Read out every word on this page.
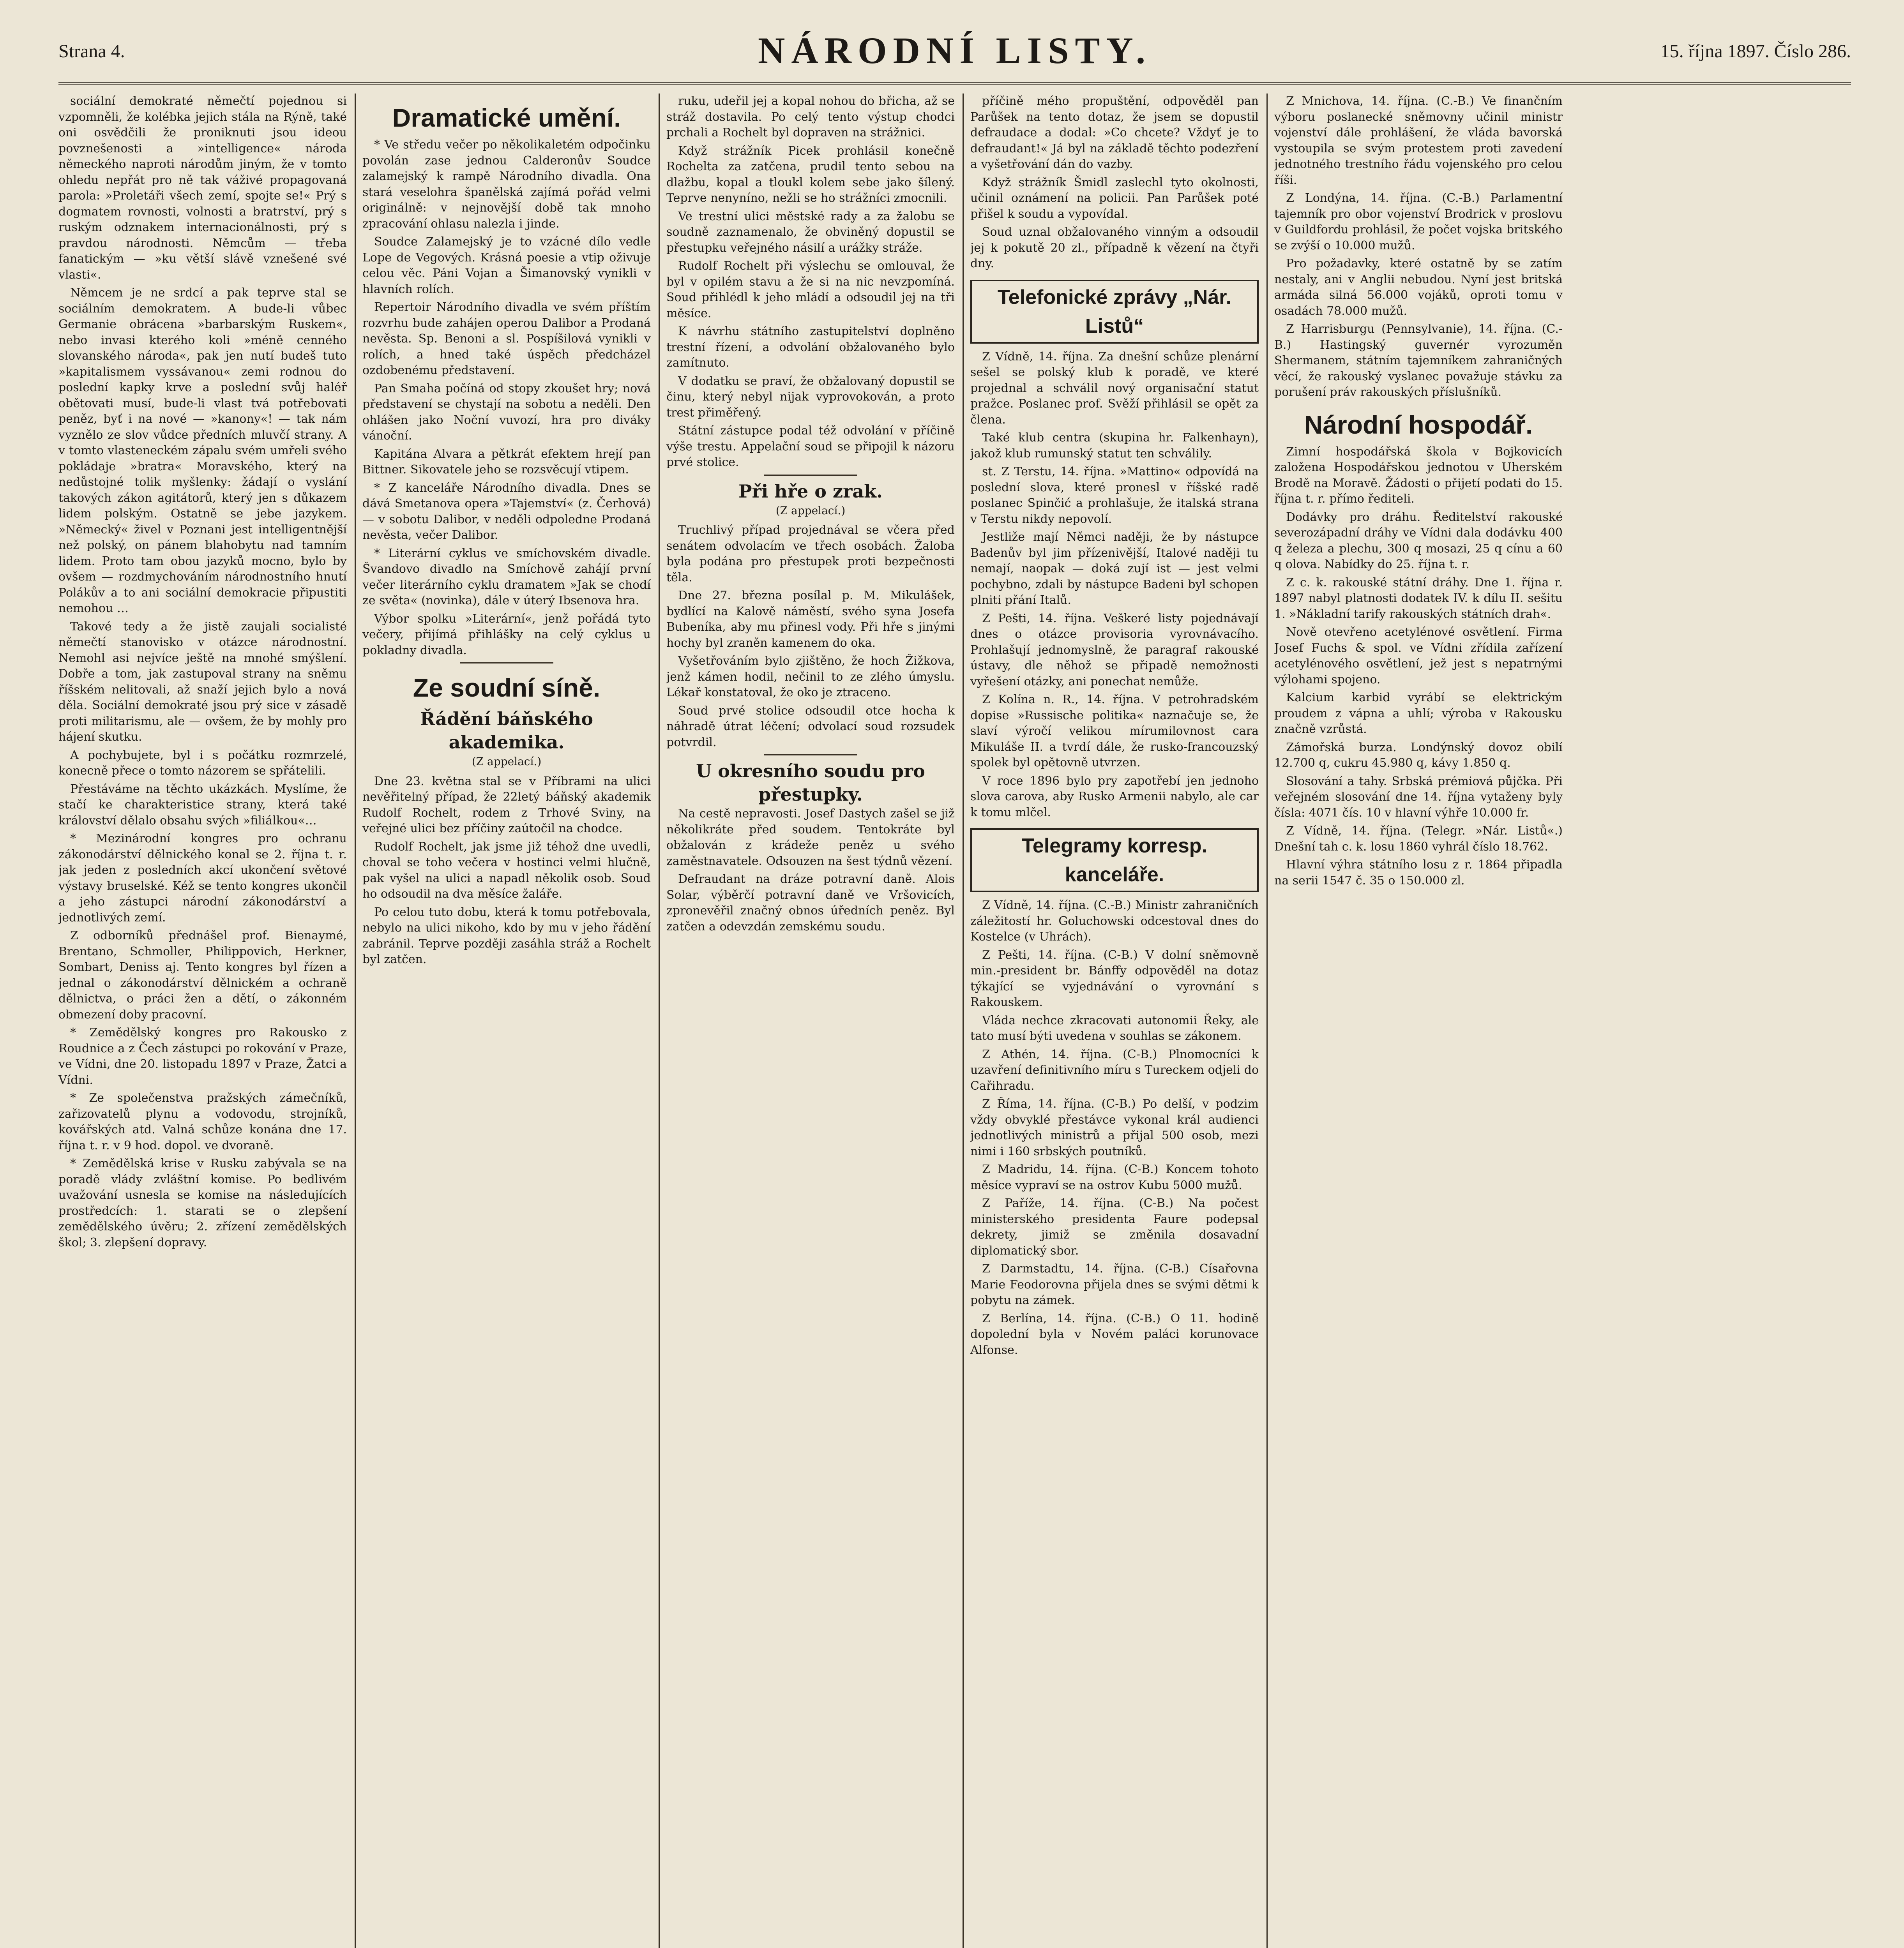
Strana 4.	NÁRODNÍ LISTY.	15. října 1897. Číslo 286.

sociální demokraté němečtí pojednou si vzpomněli, že kolébka jejich stála na Rýně, také oni osvědčili že proniknuti jsou ideou povznešenosti a »intelligence« národa německého naproti národům jiným, že v tomto ohledu nepřát pro ně tak váživé propagovaná parola: »Proletáři všech zemí, spojte se!« Prý s dogmatem rovnosti, volnosti a bratrství, prý s ruským odznakem internacionálnosti, prý s pravdou národnosti. Němcům — třeba fanatickým — »ku větší slávě vznešené své vlasti«.

Němcem je ne srdcí a pak teprve stal se sociálním demokratem. A bude-li vůbec Germanie obrácena »barbarským Ruskem«, nebo invasi kterého koli »méně cenného slovanského národa«, pak jen nutí budeš tuto »kapitalismem vyssávanou« zemi rodnou do poslední kapky krve a poslední svůj haléř obětovati musí, bude-li vlast tvá potřebovati peněz, byť i na nové — »kanony«! — tak nám vyznělo ze slov vůdce předních mluvčí strany. A v tomto vlasteneckém zápalu svém umřeli svého pokládaje »bratra« Moravského, který na nedůstojné tolik myšlenky: žádají o vyslání takových zákon agitátorů, který jen s důkazem lidem polským. Ostatně se jebe jazykem. »Německý« živel v Poznani jest intelligentnější než polský, on pánem blahobytu nad tamním lidem. Proto tam obou jazyků mocno, bylo by ovšem — rozdmychováním národnostního hnutí Polákův a to ani sociální demokracie připustiti nemohou …

Takové tedy a že jistě zaujali socialisté němečtí stanovisko v otázce národnostní. Nemohl asi nejvíce ještě na mnohé smýšlení. Dobře a tom, jak zastupoval strany na sněmu říšském nelitovali, až snaží jejich bylo a nová děla. Sociální demokraté jsou prý sice v zásadě proti militarismu, ale — ovšem, že by mohly pro hájení skutku.

A pochybujete, byl i s počátku rozmrzelé, konecně přece o tomto názorem se spřátelili.

Přestáváme na těchto ukázkách. Myslíme, že stačí ke charakteristice strany, která také království dělalo obsahu svých »filiálkou«…

* Mezinárodní kongres pro ochranu zákonodárství dělnického konal se 2. října t. r. jak jeden z posledních akcí ukončení světové výstavy bruselské. Kéž se tento kongres ukončil a jeho zástupci národní zákonodárství a jednotlivých zemí.

Z odborníků přednášel prof. Bienaymé, Brentano, Schmoller, Philippovich, Herkner, Sombart, Deniss aj. Tento kongres byl řízen a jednal o zákonodárství dělnickém a ochraně dělnictva, o práci žen a dětí, o zákonném obmezení doby pracovní.

* Zemědělský kongres pro Rakousko z Roudnice a z Čech zástupci po rokování v Praze, ve Vídni, dne 20. listopadu 1897 v Praze, Žatci a Vídni.

* Ze společenstva pražských zámečníků, zařizovatelů plynu a vodovodu, strojníků, kovářských atd. Valná schůze konána dne 17. října t. r. v 9 hod. dopol. ve dvoraně.

* Zemědělská krise v Rusku zabývala se na poradě vlády zvláštní komise. Po bedlivém uvažování usnesla se komise na následujících prostředcích: 1. starati se o zlepšení zemědělského úvěru; 2. zřízení zemědělských škol; 3. zlepšení dopravy.

Dramatické umění.

* Ve středu večer po několikaletém odpočinku povolán zase jednou Calderonův Soudce zalamejský k rampě Národního divadla. Ona stará veselohra španělská zajímá pořád velmi originálně: v nejnovější době tak mnoho zpracování ohlasu nalezla i jinde.

Soudce Zalamejský je to vzácné dílo vedle Lope de Vegových. Krásná poesie a vtip oživuje celou věc. Páni Vojan a Šimanovský vynikli v hlavních rolích.

Repertoir Národního divadla ve svém příštím rozvrhu bude zahájen operou Dalibor a Prodaná nevěsta. Sp. Benoni a sl. Pospíšilová vynikli v rolích, a hned také úspěch předcházel ozdobenému představení.

Pan Smaha počíná od stopy zkoušet hry; nová představení se chystají na sobotu a neděli. Den ohlášen jako Noční vuvozí, hra pro diváky vánoční.

Kapitána Alvara a pětkrát efektem hrejí pan Bittner. Sikovatele jeho se rozsvěcují vtipem.

* Z kanceláře Národního divadla. Dnes se dává Smetanova opera »Tajemství« (z. Čerhová) — v sobotu Dalibor, v neděli odpoledne Prodaná nevěsta, večer Dalibor.

* Literární cyklus ve smíchovském divadle. Švandovo divadlo na Smíchově zahájí první večer literárního cyklu dramatem »Jak se chodí ze světa« (novinka), dále v úterý Ibsenova hra.

Výbor spolku »Literární«, jenž pořádá tyto večery, přijímá přihlášky na celý cyklus u pokladny divadla.

Ze soudní síně.
Řádění báňského akademika.
(Z appelací.)

Dne 23. května stal se v Příbrami na ulici nevěřitelný případ, že 22letý báňský akademik Rudolf Rochelt, rodem z Trhové Sviny, na veřejné ulici bez příčiny zaútočil na chodce.

Rudolf Rochelt, jak jsme již téhož dne uvedli, choval se toho večera v hostinci velmi hlučně, pak vyšel na ulici a napadl několik osob. Soud ho odsoudil na dva měsíce žaláře.

Po celou tuto dobu, která k tomu potřebovala, nebylo na ulici nikoho, kdo by mu v jeho řádění zabránil. Teprve později zasáhla stráž a Rochelt byl zatčen.

ruku, udeřil jej a kopal nohou do břicha, až se stráž dostavila. Po celý tento výstup chodci prchali a Rochelt byl dopraven na strážnici.

Když strážník Picek prohlásil konečně Rochelta za zatčena, prudil tento sebou na dlažbu, kopal a tloukl kolem sebe jako šílený. Teprve nenyníno, nežli se ho strážníci zmocnili.

Ve trestní ulici městské rady a za žalobu se soudně zaznamenalo, že obviněný dopustil se přestupku veřejného násilí a urážky stráže.

Rudolf Rochelt při výslechu se omlouval, že byl v opilém stavu a že si na nic nevzpomíná. Soud přihlédl k jeho mládí a odsoudil jej na tři měsíce.

K návrhu státního zastupitelství doplněno trestní řízení, a odvolání obžalovaného bylo zamítnuto.

V dodatku se praví, že obžalovaný dopustil se činu, který nebyl nijak vyprovokován, a proto trest přiměřený.

Státní zástupce podal též odvolání v příčině výše trestu. Appelační soud se připojil k názoru prvé stolice.

Při hře o zrak.
(Z appelací.)

Truchlivý případ projednával se včera před senátem odvolacím ve třech osobách. Žaloba byla podána pro přestupek proti bezpečnosti těla.

Dne 27. března posílal p. M. Mikulášek, bydlící na Kalově náměstí, svého syna Josefa Bubeníka, aby mu přinesl vody. Při hře s jinými hochy byl zraněn kamenem do oka.

Vyšetřováním bylo zjištěno, že hoch Žižkova, jenž kámen hodil, nečinil to ze zlého úmyslu. Lékař konstatoval, že oko je ztraceno.

Soud prvé stolice odsoudil otce hocha k náhradě útrat léčení; odvolací soud rozsudek potvrdil.

U okresního soudu pro přestupky.

Na cestě nepravosti. Josef Dastych zašel se již několikráte před soudem. Tentokráte byl obžalován z krádeže peněz u svého zaměstnavatele. Odsouzen na šest týdnů vězení.

Defraudant na dráze potravní daně. Alois Solar, výběrčí potravní daně ve Vršovicích, zpronevěřil značný obnos úředních peněz. Byl zatčen a odevzdán zemskému soudu.

příčině mého propuštění, odpověděl pan Parůšek na tento dotaz, že jsem se dopustil defraudace a dodal: »Co chcete? Vždyť je to defraudant!« Já byl na základě těchto podezření a vyšetřování dán do vazby.

Když strážník Šmidl zaslechl tyto okolnosti, učinil oznámení na policii. Pan Parůšek poté přišel k soudu a vypovídal.

Soud uznal obžalovaného vinným a odsoudil jej k pokutě 20 zl., případně k vězení na čtyři dny.

Telefonické zprávy „Nár. Listů“

Z Vídně, 14. října. Za dnešní schůze plenární sešel se polský klub k poradě, ve které projednal a schválil nový organisační statut pražce. Poslanec prof. Svěží přihlásil se opět za člena.

Také klub centra (skupina hr. Falkenhayn), jakož klub rumunský statut ten schválily.

st. Z Terstu, 14. října. »Mattino« odpovídá na poslední slova, které pronesl v říšské radě poslanec Spinčić a prohlašuje, že italská strana v Terstu nikdy nepovolí.

Jestliže mají Němci naději, že by nástupce Badenův byl jim přízenivější, Italové naději tu nemají, naopak — doká zují ist — jest velmi pochybno, zdali by nástupce Badeni byl schopen plniti přání Italů.

Z Pešti, 14. října. Veškeré listy pojednávají dnes o otázce provisoria vyrovnávacího. Prohlašují jednomyslně, že paragraf rakouské ústavy, dle něhož se připadě nemožnosti vyřešení otázky, ani ponechat nemůže.

Z Kolína n. R., 14. října. V petrohradském dopise »Russische politika« naznačuje se, že slaví výročí velikou mírumilovnost cara Mikuláše II. a tvrdí dále, že rusko-francouzský spolek byl opětovně utvrzen.

V roce 1896 bylo pry zapotřebí jen jednoho slova carova, aby Rusko Armenii nabylo, ale car k tomu mlčel.

Telegramy korresp. kanceláře.

Z Vídně, 14. října. (C.-B.) Ministr zahraničních záležitostí hr. Goluchowski odcestoval dnes do Kostelce (v Uhrách).

Z Pešti, 14. října. (C-B.) V dolní sněmovně min.-president br. Bánffy odpověděl na dotaz týkající se vyjednávání o vyrovnání s Rakouskem.

Vláda nechce zkracovati autonomii Řeky, ale tato musí býti uvedena v souhlas se zákonem.

Z Athén, 14. října. (C-B.) Plnomocníci k uzavření definitivního míru s Tureckem odjeli do Cařihradu.

Z Říma, 14. října. (C-B.) Po delší, v podzim vždy obvyklé přestávce vykonal král audienci jednotlivých ministrů a přijal 500 osob, mezi nimi i 160 srbských poutníků.

Z Madridu, 14. října. (C-B.) Koncem tohoto měsíce vypraví se na ostrov Kubu 5000 mužů.

Z Paříže, 14. října. (C-B.) Na počest ministerského presidenta Faure podepsal dekrety, jimiž se změnila dosavadní diplomatický sbor.

Z Darmstadtu, 14. října. (C-B.) Císařovna Marie Feodorovna přijela dnes se svými dětmi k pobytu na zámek.

Z Berlína, 14. října. (C-B.) O 11. hodině dopolední byla v Novém paláci korunovace Alfonse.

Z Mnichova, 14. října. (C.-B.) Ve finančním výboru poslanecké sněmovny učinil ministr vojenství dále prohlášení, že vláda bavorská vystoupila se svým protestem proti zavedení jednotného trestního řádu vojenského pro celou říši.

Z Londýna, 14. října. (C.-B.) Parlamentní tajemník pro obor vojenství Brodrick v proslovu v Guildfordu prohlásil, že počet vojska britského se zvýší o 10.000 mužů.

Pro požadavky, které ostatně by se zatím nestaly, ani v Anglii nebudou. Nyní jest britská armáda silná 56.000 vojáků, oproti tomu v osadách 78.000 mužů.

Z Harrisburgu (Pennsylvanie), 14. října. (C.-B.) Hastingský guvernér vyrozuměn Shermanem, státním tajemníkem zahraničných věcí, že rakouský vyslanec považuje stávku za porušení práv rakouských příslušníků.

Národní hospodář.

Zimní hospodářská škola v Bojkovicích založena Hospodářskou jednotou v Uherském Brodě na Moravě. Žádosti o přijetí podati do 15. října t. r. přímo řediteli.

Dodávky pro dráhu. Ředitelství rakouské severozápadní dráhy ve Vídni dala dodávku 400 q železa a plechu, 300 q mosazi, 25 q cínu a 60 q olova. Nabídky do 25. října t. r.

Z c. k. rakouské státní dráhy. Dne 1. října r. 1897 nabyl platnosti dodatek IV. k dílu II. sešitu 1. »Nákladní tarify rakouských státních drah«.

Nově otevřeno acetylénové osvětlení. Firma Josef Fuchs & spol. ve Vídni zřídila zařízení acetylénového osvětlení, jež jest s nepatrnými výlohami spojeno.

Kalcium karbid vyrábí se elektrickým proudem z vápna a uhlí; výroba v Rakousku značně vzrůstá.

Zámořská burza. Londýnský dovoz obilí 12.700 q, cukru 45.980 q, kávy 1.850 q.

Slosování a tahy. Srbská prémiová půjčka. Při veřejném slosování dne 14. října vytaženy byly čísla: 4071 čís. 10 v hlavní výhře 10.000 fr.

Z Vídně, 14. října. (Telegr. »Nár. Listů«.) Dnešní tah c. k. losu 1860 vyhrál číslo 18.762.

Hlavní výhra státního losu z r. 1864 připadla na serii 1547 č. 35 o 150.000 zl.
